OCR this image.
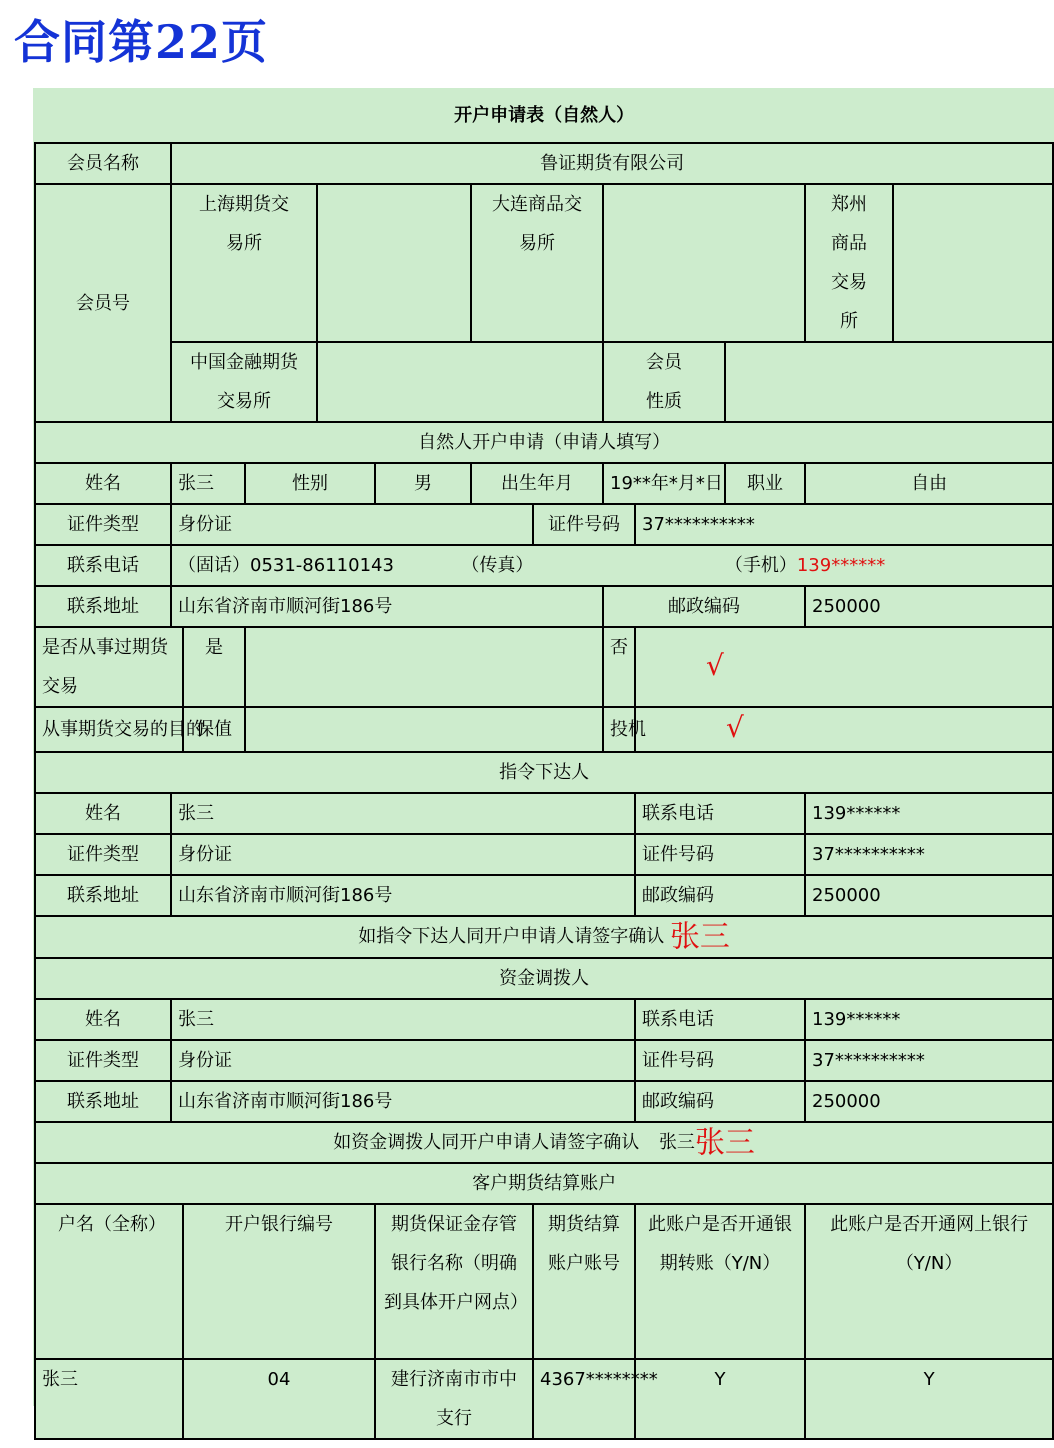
合同第22页
开户申请表（自然人）												
会员名称	鲁证期货有限公司											
会员号	上海期货交易所					大连商品交易所					郑州商品交易所	
	中国金融期货交易所							会员性质				
自然人开户申请（申请人填写）												
姓名	张三		性别		男	出生年月		19**年*月*日		职业	自由	
证件类型	身份证						证件号码		37**********			
联系电话	（固话）0531-86110143 （传真） （手机）139******											
联系地址	山东省济南市顺河街186号							邮政编码			250000	
是否从事过期货交易		是						否	√			
从事期货交易的目的		保值						投机	√			
指令下达人												
姓名	张三								联系电话		139******	
证件类型	身份证								证件号码		37**********	
联系地址	山东省济南市顺河街186号								邮政编码		250000	
如指令下达人同开户申请人请签字确认 张三												
资金调拨人												
姓名	张三								联系电话		139******	
证件类型	身份证								证件号码		37**********	
联系地址	山东省济南市顺河街186号								邮政编码		250000	
如资金调拨人同开户申请人请签字确认 张三张三												
客户期货结算账户												
户名（全称）		开户银行编号			期货保证金存管银行名称（明确到具体开户网点）		期货结算账户账号		此账户是否开通银期转账（Y/N）		此账户是否开通网上银行（Y/N）	
张三		04			建行济南市市中支行		4367********		Y		Y	
